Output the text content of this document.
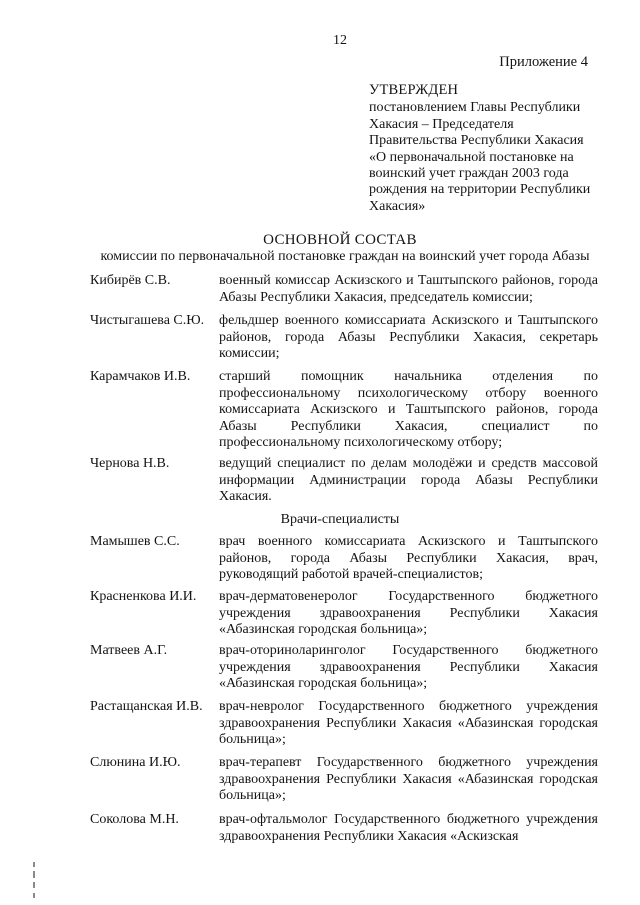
12
Приложение 4
УТВЕРЖДЕН
постановлением Главы Республики
Хакасия – Председателя
Правительства Республики Хакасия
«О первоначальной постановке на
воинский учет граждан 2003 года
рождения на территории Республики
Хакасия»
ОСНОВНОЙ СОСТАВ
комиссии по первоначальной постановке граждан на воинский учет города Абазы
Кибирёв С.В.	военный комиссар Аскизского и Таштыпского районов, города Абазы Республики Хакасия, председатель комиссии;
Чистыгашева С.Ю.	фельдшер военного комиссариата Аскизского и Таштыпского районов, города Абазы Республики Хакасия, секретарь комиссии;
Карамчаков И.В.	старший помощник начальника отделения по профессиональному психологическому отбору военного комиссариата Аскизского и Таштыпского районов, города Абазы Республики Хакасия, специалист по профессиональному психологическому отбору;
Чернова Н.В.	ведущий специалист по делам молодёжи и средств массовой информации Администрации города Абазы Республики Хакасия.
Врачи-специалисты
Мамышев С.С.	врач военного комиссариата Аскизского и Таштыпского районов, города Абазы Республики Хакасия, врач, руководящий работой врачей-специалистов;
Красненкова И.И.	врач-дерматовенеролог Государственного бюджетного учреждения здравоохранения Республики Хакасия «Абазинская городская больница»;
Матвеев А.Г.	врач-оториноларинголог Государственного бюджетного учреждения здравоохранения Республики Хакасия «Абазинская городская больница»;
Растащанская И.В.	врач-невролог Государственного бюджетного учреждения здравоохранения Республики Хакасия «Абазинская городская больница»;
Слюнина И.Ю.	врач-терапевт Государственного бюджетного учреждения здравоохранения Республики Хакасия «Абазинская городская больница»;
Соколова М.Н.	врач-офтальмолог Государственного бюджетного учреждения здравоохранения Республики Хакасия «Аскизская
